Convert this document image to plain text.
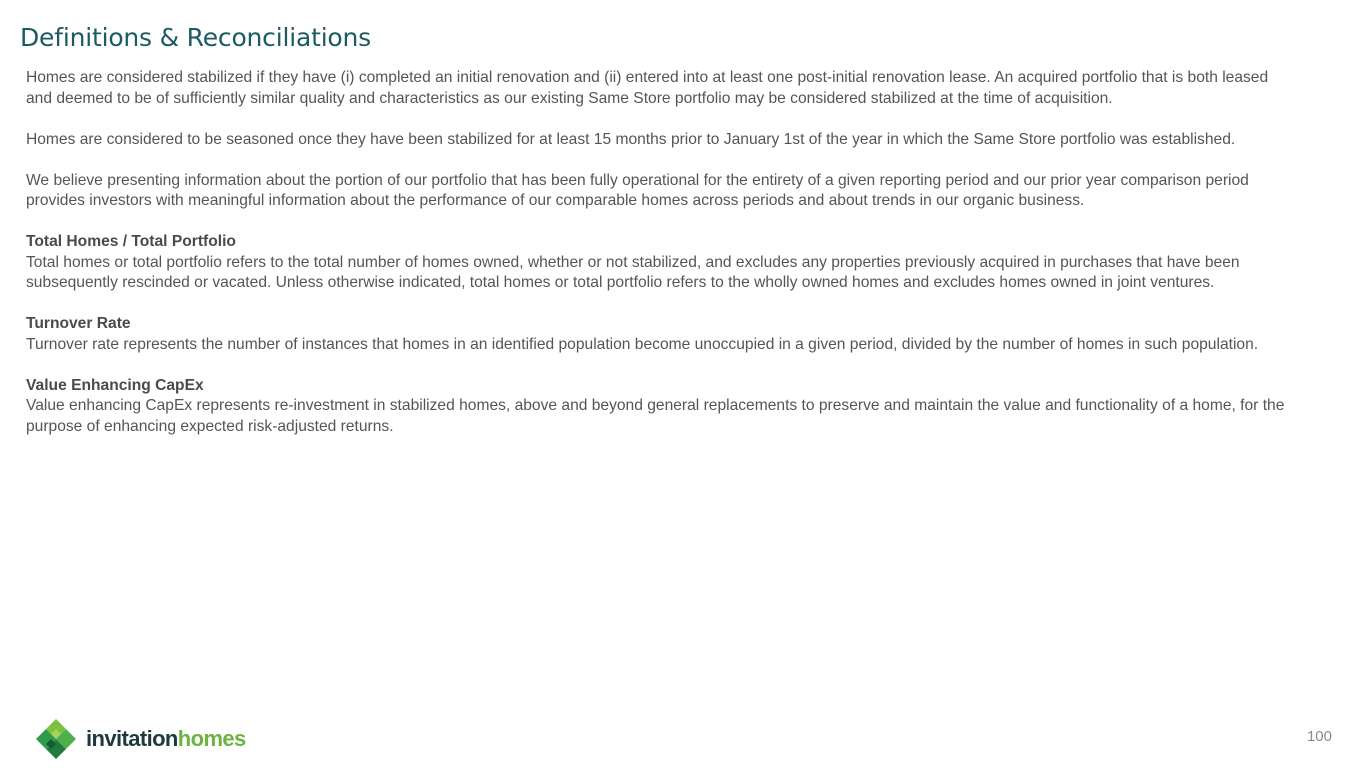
Definitions & Reconciliations

Homes are considered stabilized if they have (i) completed an initial renovation and (ii) entered into at least one post-initial renovation lease. An acquired portfolio that is both leased and deemed to be of sufficiently similar quality and characteristics as our existing Same Store portfolio may be considered stabilized at the time of acquisition.

Homes are considered to be seasoned once they have been stabilized for at least 15 months prior to January 1st of the year in which the Same Store portfolio was established.

We believe presenting information about the portion of our portfolio that has been fully operational for the entirety of a given reporting period and our prior year comparison period provides investors with meaningful information about the performance of our comparable homes across periods and about trends in our organic business.

Total Homes / Total Portfolio

Total homes or total portfolio refers to the total number of homes owned, whether or not stabilized, and excludes any properties previously acquired in purchases that have been subsequently rescinded or vacated. Unless otherwise indicated, total homes or total portfolio refers to the wholly owned homes and excludes homes owned in joint ventures.

Turnover Rate

Turnover rate represents the number of instances that homes in an identified population become unoccupied in a given period, divided by the number of homes in such population.

Value Enhancing CapEx

Value enhancing CapEx represents re-investment in stabilized homes, above and beyond general replacements to preserve and maintain the value and functionality of a home, for the purpose of enhancing expected risk-adjusted returns.

invitationhomes	100
